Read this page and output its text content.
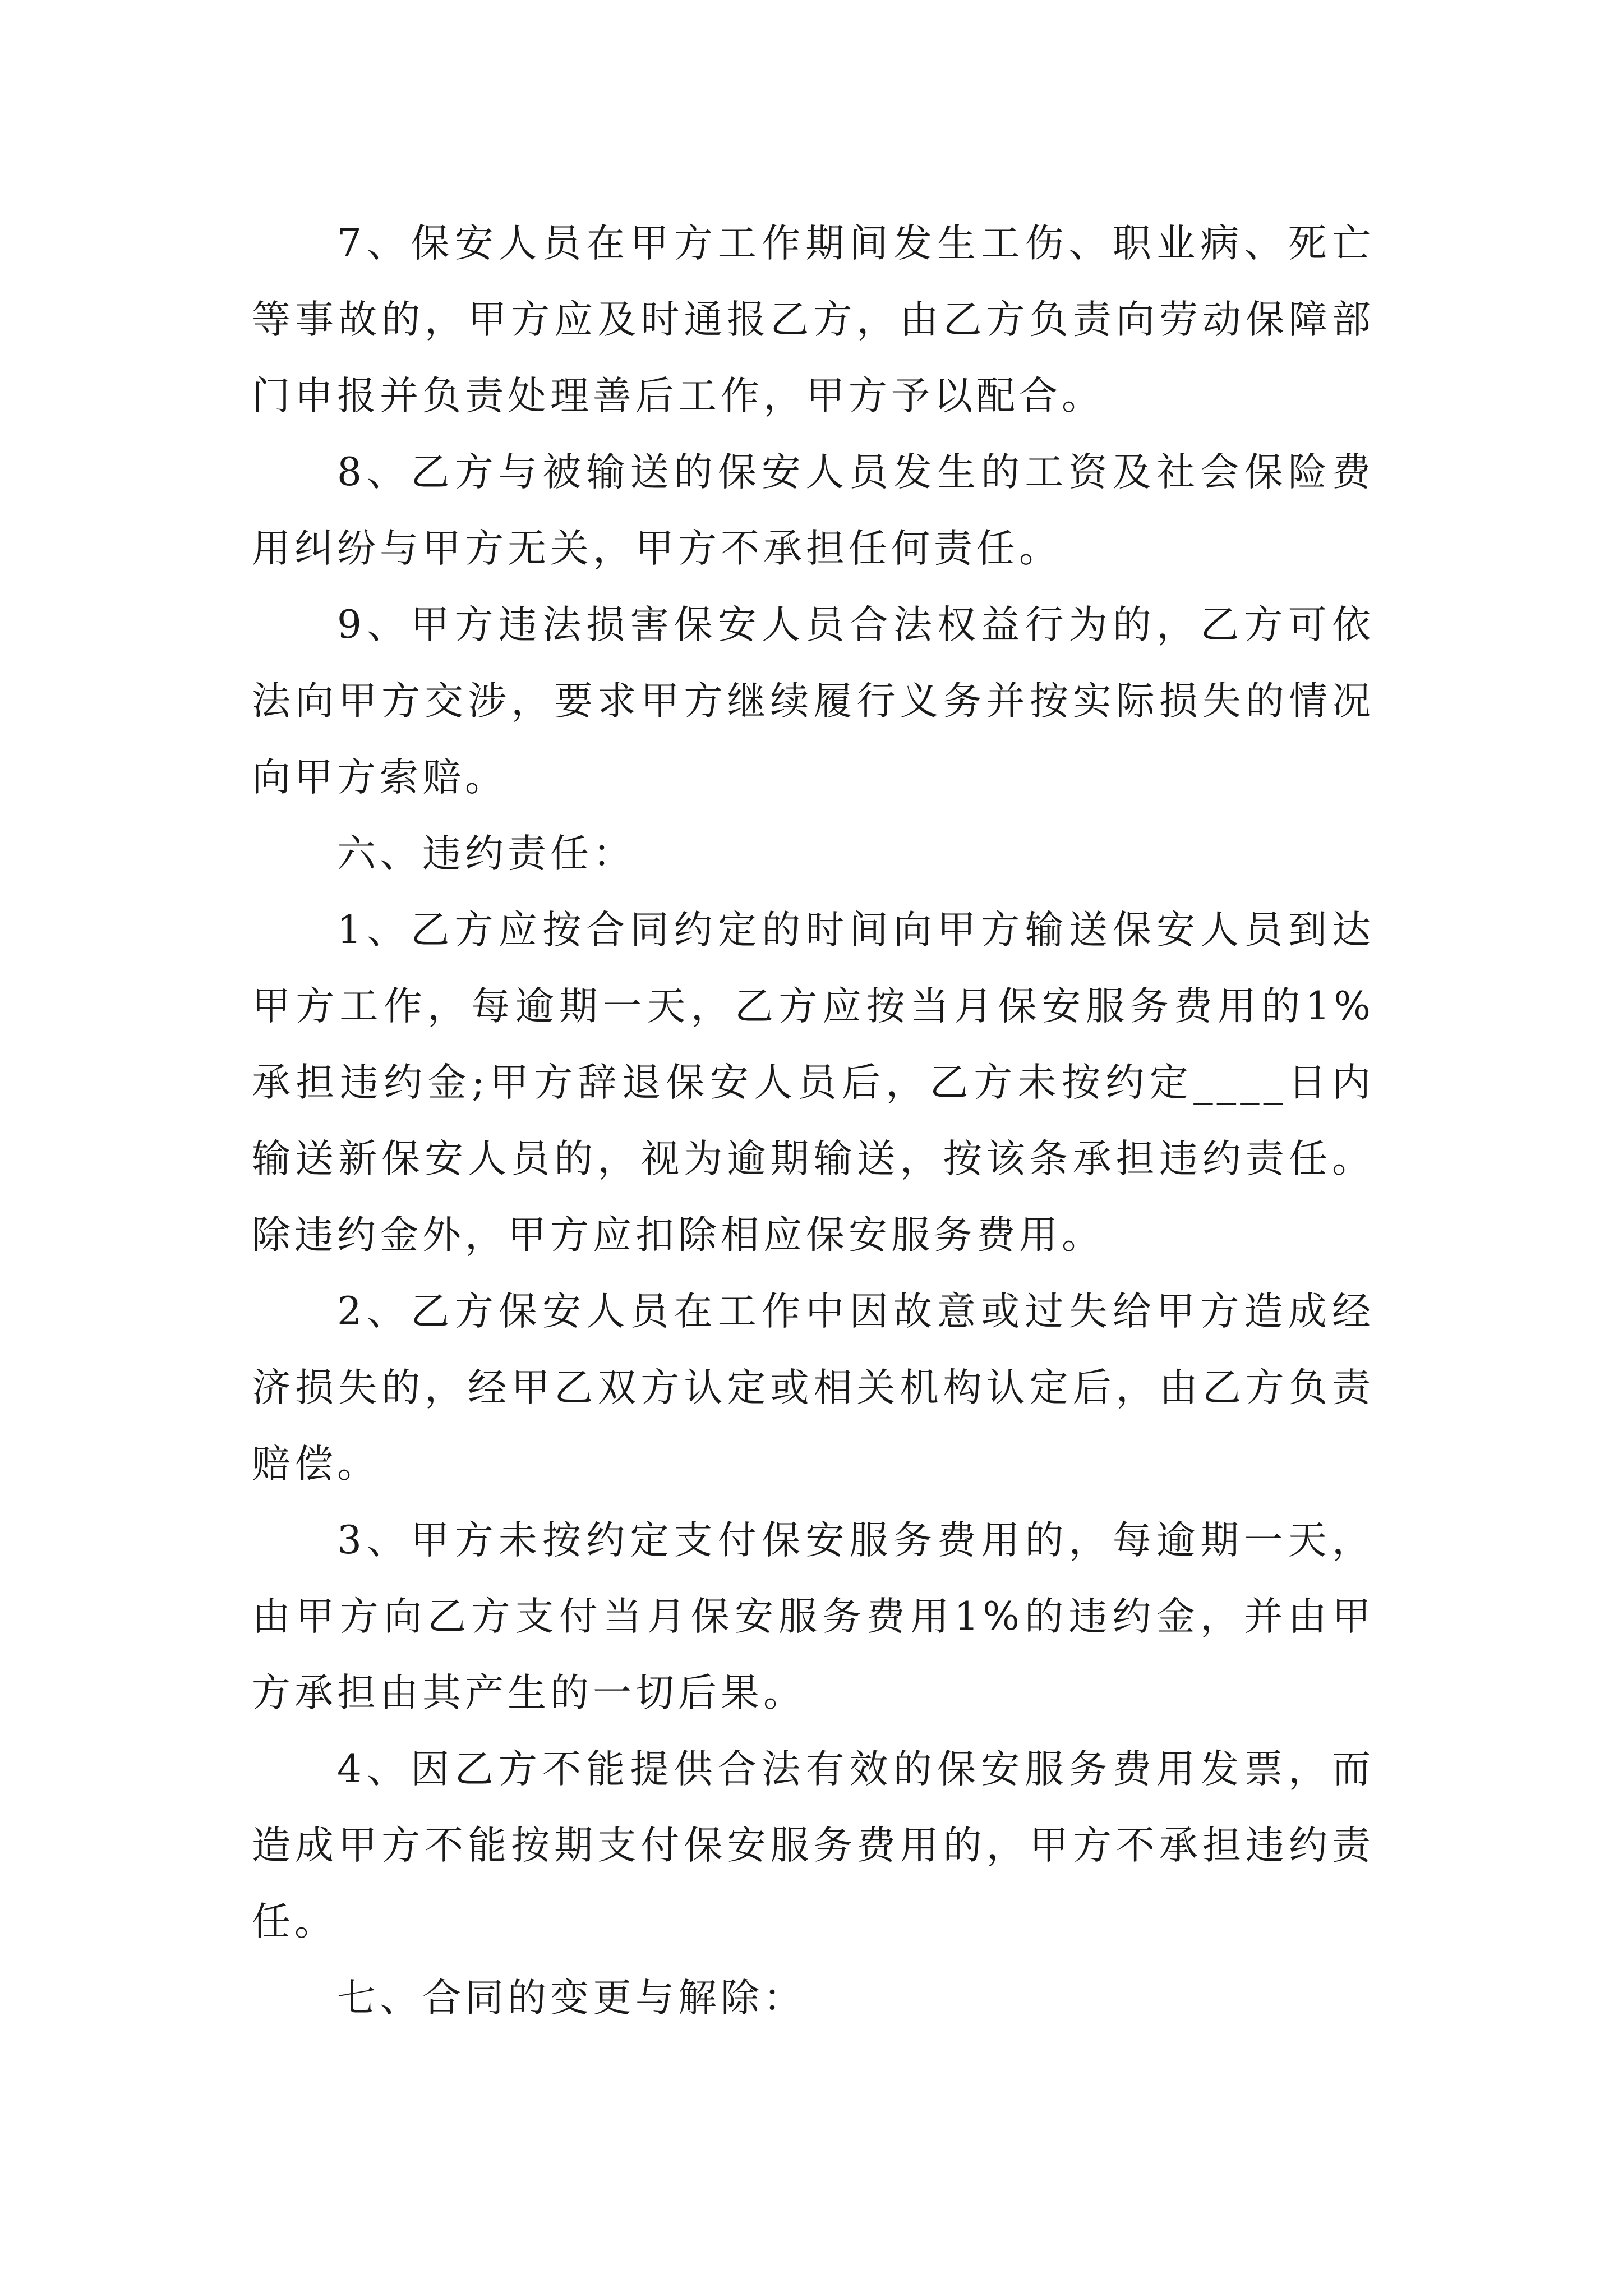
7、保安人员在甲方工作期间发生工伤、职业病、死亡等事故的，甲方应及时通报乙方，由乙方负责向劳动保障部门申报并负责处理善后工作，甲方予以配合。

8、乙方与被输送的保安人员发生的工资及社会保险费用纠纷与甲方无关，甲方不承担任何责任。

9、甲方违法损害保安人员合法权益行为的，乙方可依法向甲方交涉，要求甲方继续履行义务并按实际损失的情况向甲方索赔。

六、违约责任：

1、乙方应按合同约定的时间向甲方输送保安人员到达甲方工作，每逾期一天，乙方应按当月保安服务费用的1%承担违约金;甲方辞退保安人员后，乙方未按约定____日内输送新保安人员的，视为逾期输送，按该条承担违约责任。除违约金外，甲方应扣除相应保安服务费用。

2、乙方保安人员在工作中因故意或过失给甲方造成经济损失的，经甲乙双方认定或相关机构认定后，由乙方负责赔偿。

3、甲方未按约定支付保安服务费用的，每逾期一天，由甲方向乙方支付当月保安服务费用1%的违约金，并由甲方承担由其产生的一切后果。

4、因乙方不能提供合法有效的保安服务费用发票，而造成甲方不能按期支付保安服务费用的，甲方不承担违约责任。

七、合同的变更与解除：
